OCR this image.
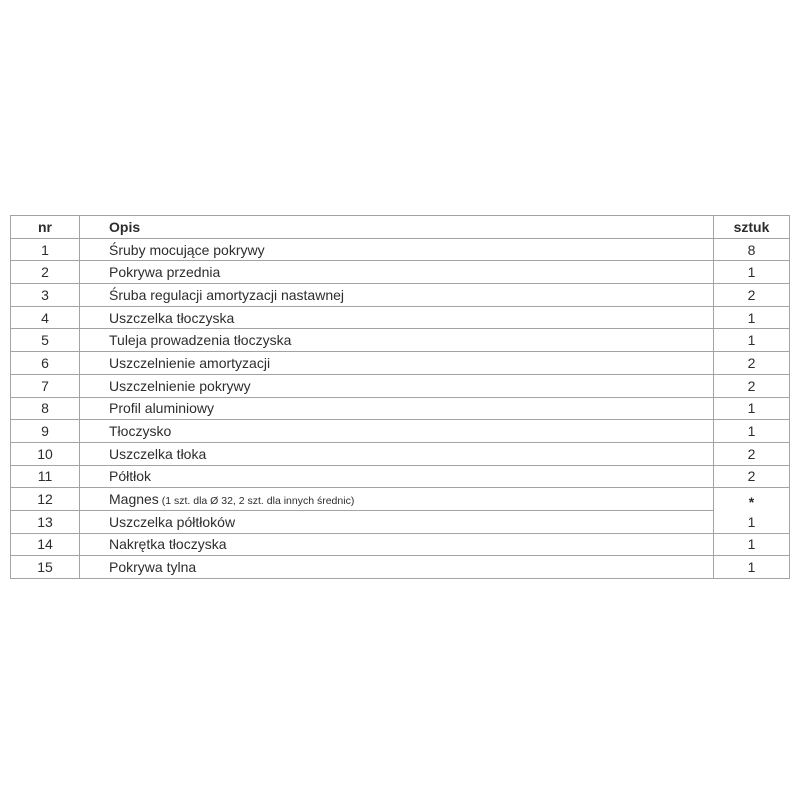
nr	Opis	sztuk
1	Śruby mocujące pokrywy	8
2	Pokrywa przednia	1
3	Śruba regulacji amortyzacji nastawnej	2
4	Uszczelka tłoczyska	1
5	Tuleja prowadzenia tłoczyska	1
6	Uszczelnienie amortyzacji	2
7	Uszczelnienie pokrywy	2
8	Profil aluminiowy	1
9	Tłoczysko	1
10	Uszczelka tłoka	2
11	Półtłok	2
12	Magnes (1 szt. dla Ø 32, 2 szt. dla innych średnic)	*
13	Uszczelka półtłoków	1
14	Nakrętka tłoczyska	1
15	Pokrywa tylna	1
